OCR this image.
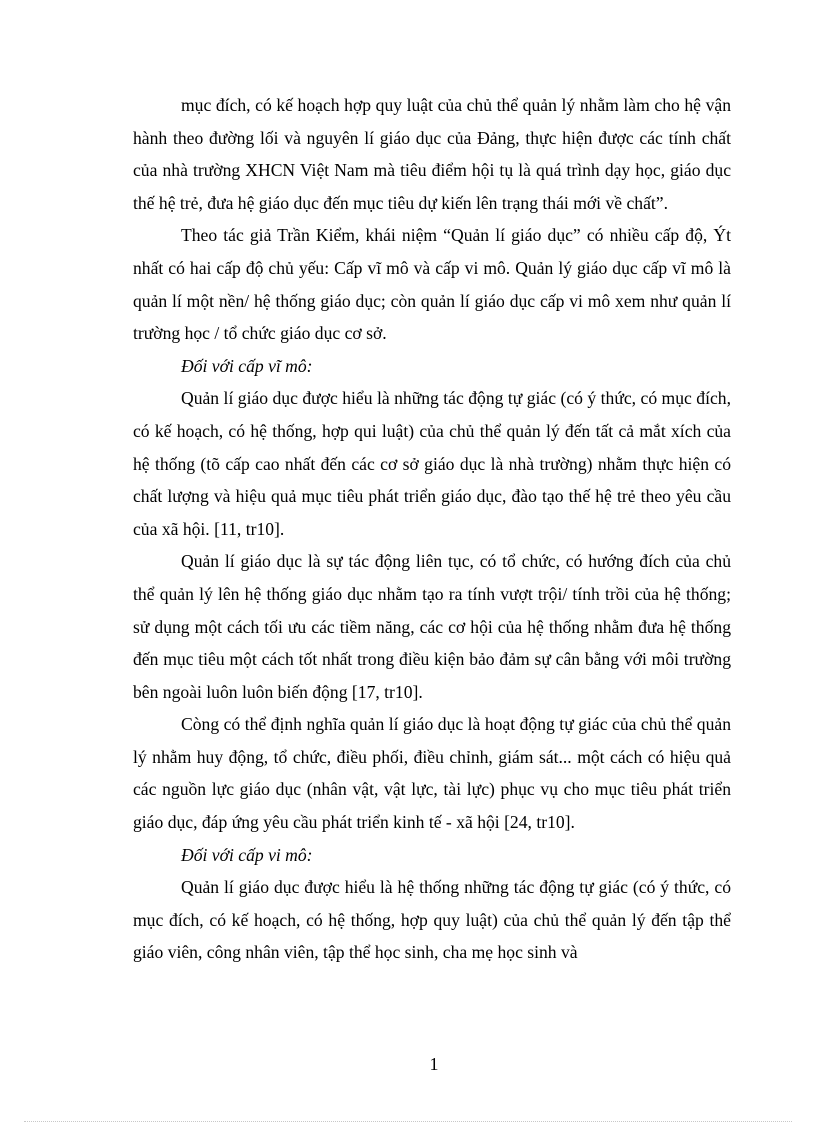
mục đích, có kế hoạch hợp quy luật của chủ thể quản lý nhằm làm cho hệ vận hành theo đường lối và nguyên lí giáo dục của Đảng, thực hiện được các tính chất của nhà trường XHCN Việt Nam mà tiêu điểm hội tụ là quá trình dạy học, giáo dục thế hệ trẻ, đưa hệ giáo dục đến mục tiêu dự kiến lên trạng thái mới về chất”.

Theo tác giả Trần Kiểm, khái niệm “Quản lí giáo dục” có nhiều cấp độ, Ýt nhất có hai cấp độ chủ yếu: Cấp vĩ mô và cấp vi mô. Quản lý giáo dục cấp vĩ mô là quản lí một nền/ hệ thống giáo dục; còn quản lí giáo dục cấp vi mô xem như quản lí trường học / tổ chức giáo dục cơ sở.

Đối với cấp vĩ mô:

Quản lí giáo dục được hiểu là những tác động tự giác (có ý thức, có mục đích, có kế hoạch, có hệ thống, hợp qui luật) của chủ thể quản lý đến tất cả mắt xích của hệ thống (tõ cấp cao nhất đến các cơ sở giáo dục là nhà trường) nhằm thực hiện có chất lượng và hiệu quả mục tiêu phát triển giáo dục, đào tạo thế hệ trẻ theo yêu cầu của xã hội. [11, tr10].

Quản lí giáo dục là sự tác động liên tục, có tổ chức, có hướng đích của chủ thể quản lý lên hệ thống giáo dục nhằm tạo ra tính vượt trội/ tính trồi của hệ thống; sử dụng một cách tối ưu các tiềm năng, các cơ hội của hệ thống nhằm đưa hệ thống đến mục tiêu một cách tốt nhất trong điều kiện bảo đảm sự cân bằng với môi trường bên ngoài luôn luôn biến động [17, tr10].

Còng có thể định nghĩa quản lí giáo dục là hoạt động tự giác của chủ thể quản lý nhằm huy động, tổ chức, điều phối, điều chỉnh, giám sát... một cách có hiệu quả các nguồn lực giáo dục (nhân vật, vật lực, tài lực) phục vụ cho mục tiêu phát triển giáo dục, đáp ứng yêu cầu phát triển kinh tế - xã hội [24, tr10].

Đối với cấp vi mô:

Quản lí giáo dục được hiểu là hệ thống những tác động tự giác (có ý thức, có mục đích, có kế hoạch, có hệ thống, hợp quy luật) của chủ thể quản lý đến tập thể giáo viên, công nhân viên, tập thể học sinh, cha mẹ học sinh và

1
